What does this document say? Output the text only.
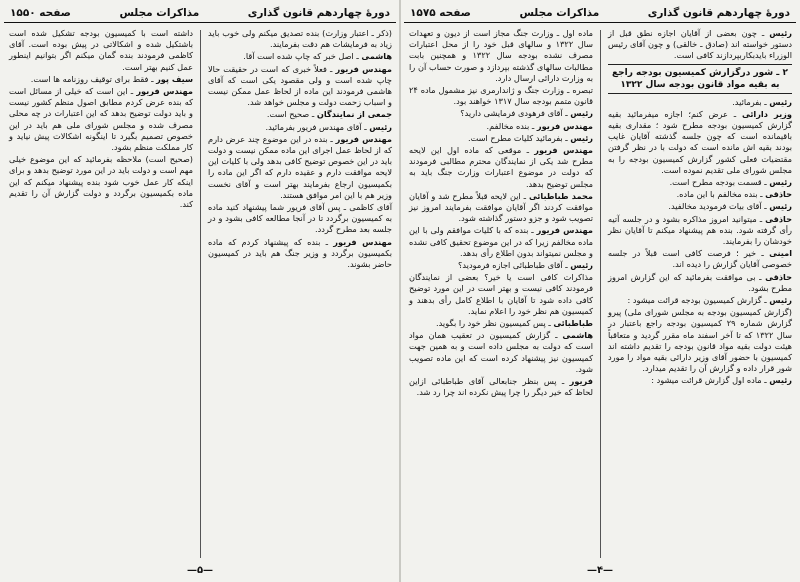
دورهٔ چهاردهم قانون گذاری
مذاکرات مجلس
صفحه ۱۵۵۰

(ذکر ـ اعتبار وزارت) بنده تصدیق میکنم ولی خوب باید زیاد به فرمایشات هم دقت بفرمایند.

هاشمی ـ اصل خبر که چاپ شده است آقا.

مهندس فریور ـ فعلاً خبری که است در حقیقت حالا چاپ شده است و ولی مقصود یکی است که آقای هاشمی فرمودند این ماده از لحاظ عمل ممکن نیست و اسباب زحمت دولت و مجلس خواهد شد.

جمعی از نمایندگان ـ صحیح است.

رئیس ـ آقای مهندس فریور بفرمائید.

مهندس فریور ـ بنده در این موضوع چند عرض دارم که از لحاظ عمل اجرای این ماده ممکن نیست و دولت باید در این خصوص توضیح کافی بدهد ولی با کلیات این لایحه موافقت دارم و عقیده دارم که اگر این ماده را بکمیسیون ارجاع بفرمایند بهتر است و آقای نخست وزیر هم با این امر موافق هستند.

آقای کاظمی ـ پس آقای فریور شما پیشنهاد کنید ماده به کمیسیون برگردد تا در آنجا مطالعه کافی بشود و در جلسه بعد مطرح گردد.

مهندس فریور ـ بنده که پیشنهاد کردم که ماده بکمیسیون برگردد و وزیر جنگ هم باید در کمیسیون حاضر بشوند.

داشته است با کمیسیون بودجه تشکیل شده است باشتکیل شده و اشکالاتی در پیش بوده است. آقای کاظمی فرمودند بنده گمان میکنم اگر بتوانیم اینطور عمل کنیم بهتر است.

سیف پور ـ فقط برای توقیف روزنامه ها است.

مهندس فریور ـ این است که خیلی از مسائل است که بنده عرض کردم مطابق اصول منظم کشور نیست و باید دولت توضیح بدهد که این اعتبارات در چه محلی مصرف شده و مجلس شورای ملی هم باید در این خصوص تصمیم بگیرد تا اینگونه اشکالات پیش نیاید و کار مملکت منظم بشود.

(صحیح است) ملاحظه بفرمائید که این موضوع خیلی مهم است و دولت باید در این مورد توضیح بدهد و برای اینکه کار عمل خوب شود بنده پیشنهاد میکنم که این ماده بکمیسیون برگردد و دولت گزارش آن را تقدیم کند.

—۵—
دورهٔ چهاردهم قانون گذاری
مذاکرات مجلس
صفحه ۱۵۷۵

رئیس ـ چون بعضی از آقایان اجازه نطق قبل از دستور خواسته اند (صادق ـ خالقی) و چون آقای رئیس الوزراء بایدبکاربپردازند کافی است.

۲ ـ شور درگزارش کمیسیون بودجه راجع به بقیه مواد قانون بودجه سال ۱۳۲۲

رئیس ـ بفرمائید.

وزیر دارائی ـ عرض کنم؛ اجازه میفرمائید بقیه گزارش کمیسیون بودجه مطرح شود ؛ مقداری بقیه باقیمانده است که چون جلسه گذشته آقایان غایب بودند بقیه اش مانده است که دولت با در نظر گرفتن مقتضیات فعلی کشور گزارش کمیسیون بودجه را به مجلس شورای ملی تقدیم نموده است.

رئیس ـ قسمت بودجه مطرح است.

حاذقی ـ بنده مخالفم با این ماده.

رئیس ـ آقای بیات فرمودید مخالفید.

حاذقی ـ میتوانید امروز مذاکره بشود و در جلسه آتیه رأی گرفته شود. بنده هم پیشنهاد میکنم تا آقایان نظر خودشان را بفرمایند.

امینی ـ خیر ؛ فرصت کافی است قبلاً در جلسه خصوصی آقایان گزارش را دیده اند.

حاذقی ـ بی موافقت بفرمائید که این گزارش امروز مطرح بشود.

رئیس ـ گزارش کمیسیون بودجه قرائت میشود :

(گزارش کمیسیون بودجه به مجلس شورای ملی) پیرو گزارش شماره ۲۹ کمیسیون بودجه راجع باعتبار در سال ۱۳۲۲ که تا آخر اسفند ماه مقرر گردید و متعاقباً هیئت دولت بقیه مواد قانون بودجه را تقدیم داشته اند کمیسیون با حضور آقای وزیر دارائی بقیه مواد را مورد شور قرار داده و گزارش آن را تقدیم میدارد.

رئیس ـ ماده اول گزارش قرائت میشود :

ماده اول ـ وزارت جنگ مجاز است از دیون و تعهدات سال ۱۳۲۲ و سالهای قبل خود را از محل اعتبارات مصرف نشده بودجه سال ۱۳۲۲ و همچنین بابت مطالبات سالهای گذشته بپردازد و صورت حساب آن را به وزارت دارائی ارسال دارد.

تبصره ـ وزارت جنگ و ژاندارمری نیز مشمول ماده ۲۴ قانون متمم بودجه سال ۱۳۱۷ خواهند بود.

رئیس ـ آقای فرهودی فرمایشی دارید؟

مهندس فریور ـ بنده مخالفم.

رئیس ـ بفرمائید کلیات مطرح است.

مهندس فریور ـ موقعی که ماده اول این لایحه مطرح شد یکی از نمایندگان محترم مطالبی فرمودند که دولت در موضوع اعتبارات وزارت جنگ باید به مجلس توضیح بدهد.

محمد طباطبائی ـ این لایحه قبلاً مطرح شد و آقایان موافقت کردند اگر آقایان موافقت بفرمایند امروز نیز تصویب شود و جزو دستور گذاشته شود.

مهندس فریور ـ بنده که با کلیات موافقم ولی با این ماده مخالفم زیرا که در این موضوع تحقیق کافی نشده و مجلس نمیتواند بدون اطلاع رأی بدهد.

رئیس ـ آقای طباطبائی اجازه فرمودید؟

مذاکرات کافی است یا خیر؟ بعضی از نمایندگان فرمودند کافی نیست و بهتر است در این مورد توضیح کافی داده شود تا آقایان با اطلاع کامل رأی بدهند و کمیسیون هم نظر خود را اعلام نماید.

طباطبائی ـ پس کمیسیون نظر خود را بگوید.

هاشمی ـ گزارش کمیسیون در تعقیب همان مواد است که دولت به مجلس داده است و به همین جهت کمیسیون نیز پیشنهاد کرده است که این ماده تصویب شود.

فریور ـ پس بنظر جنابعالی آقای طباطبائی ازاین لحاظ که خیر دیگر را چرا پیش نکرده اند چرا رد شد.

—۴—
